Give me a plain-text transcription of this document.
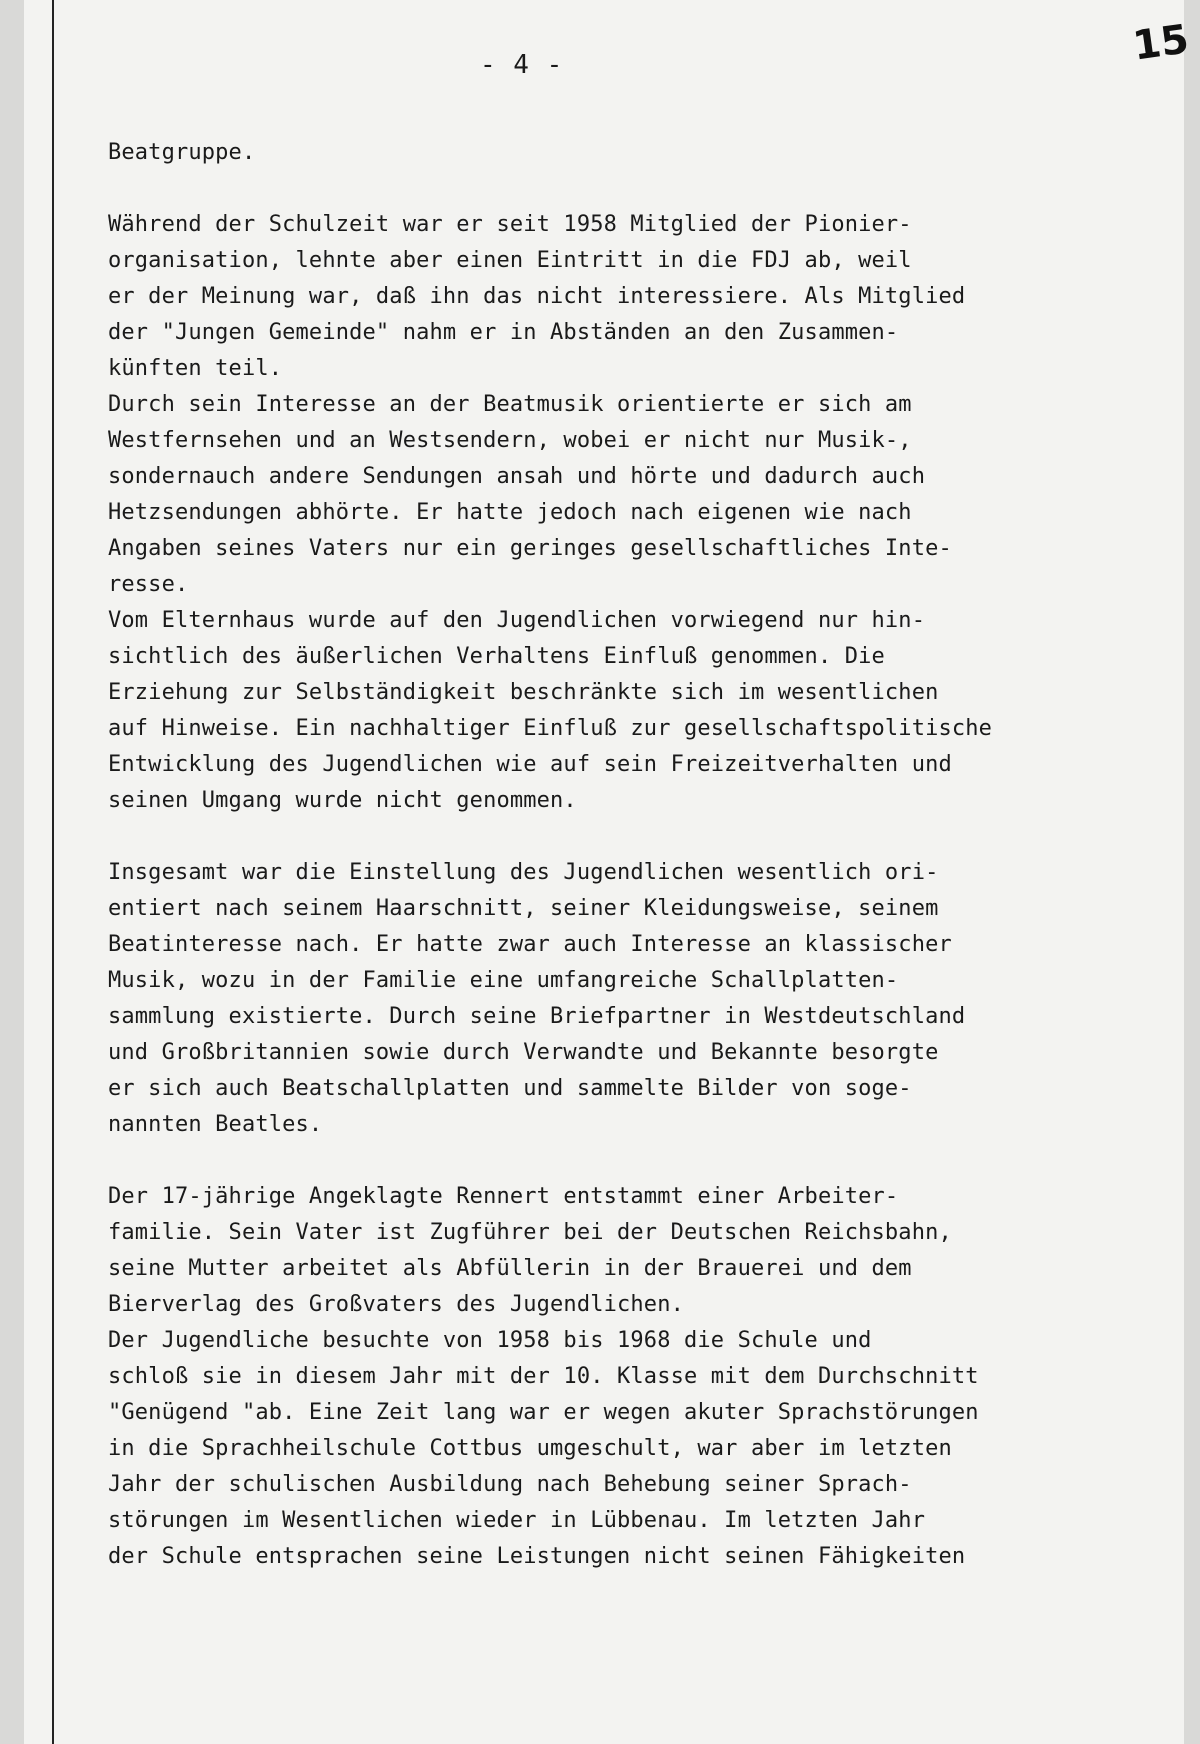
- 4 -	15
Beatgruppe.
Während der Schulzeit war er seit 1958 Mitglied der Pionier-
organisation, lehnte aber einen Eintritt in die FDJ ab, weil
er der Meinung war, daß ihn das nicht interessiere. Als Mitglied
der "Jungen Gemeinde" nahm er in Abständen an den Zusammen-
künften teil.
Durch sein Interesse an der Beatmusik orientierte er sich am
Westfernsehen und an Westsendern, wobei er nicht nur Musik-,
sondernauch andere Sendungen ansah und hörte und dadurch auch
Hetzsendungen abhörte. Er hatte jedoch nach eigenen wie nach
Angaben seines Vaters nur ein geringes gesellschaftliches Inte-
resse.
Vom Elternhaus wurde auf den Jugendlichen vorwiegend nur hin-
sichtlich des äußerlichen Verhaltens Einfluß genommen. Die
Erziehung zur Selbständigkeit beschränkte sich im wesentlichen
auf Hinweise. Ein nachhaltiger Einfluß zur gesellschaftspolitische
Entwicklung des Jugendlichen wie auf sein Freizeitverhalten und
seinen Umgang wurde nicht genommen.
Insgesamt war die Einstellung des Jugendlichen wesentlich ori-
entiert nach seinem Haarschnitt, seiner Kleidungsweise, seinem
Beatinteresse nach. Er hatte zwar auch Interesse an klassischer
Musik, wozu in der Familie eine umfangreiche Schallplatten-
sammlung existierte. Durch seine Briefpartner in Westdeutschland
und Großbritannien sowie durch Verwandte und Bekannte besorgte
er sich auch Beatschallplatten und sammelte Bilder von soge-
nannten Beatles.
Der 17-jährige Angeklagte Rennert entstammt einer Arbeiter-
familie. Sein Vater ist Zugführer bei der Deutschen Reichsbahn,
seine Mutter arbeitet als Abfüllerin in der Brauerei und dem
Bierverlag des Großvaters des Jugendlichen.
Der Jugendliche besuchte von 1958 bis 1968 die Schule und
schloß sie in diesem Jahr mit der 10. Klasse mit dem Durchschnitt
"Genügend "ab. Eine Zeit lang war er wegen akuter Sprachstörungen
in die Sprachheilschule Cottbus umgeschult, war aber im letzten
Jahr der schulischen Ausbildung nach Behebung seiner Sprach-
störungen im Wesentlichen wieder in Lübbenau. Im letzten Jahr
der Schule entsprachen seine Leistungen nicht seinen Fähigkeiten
